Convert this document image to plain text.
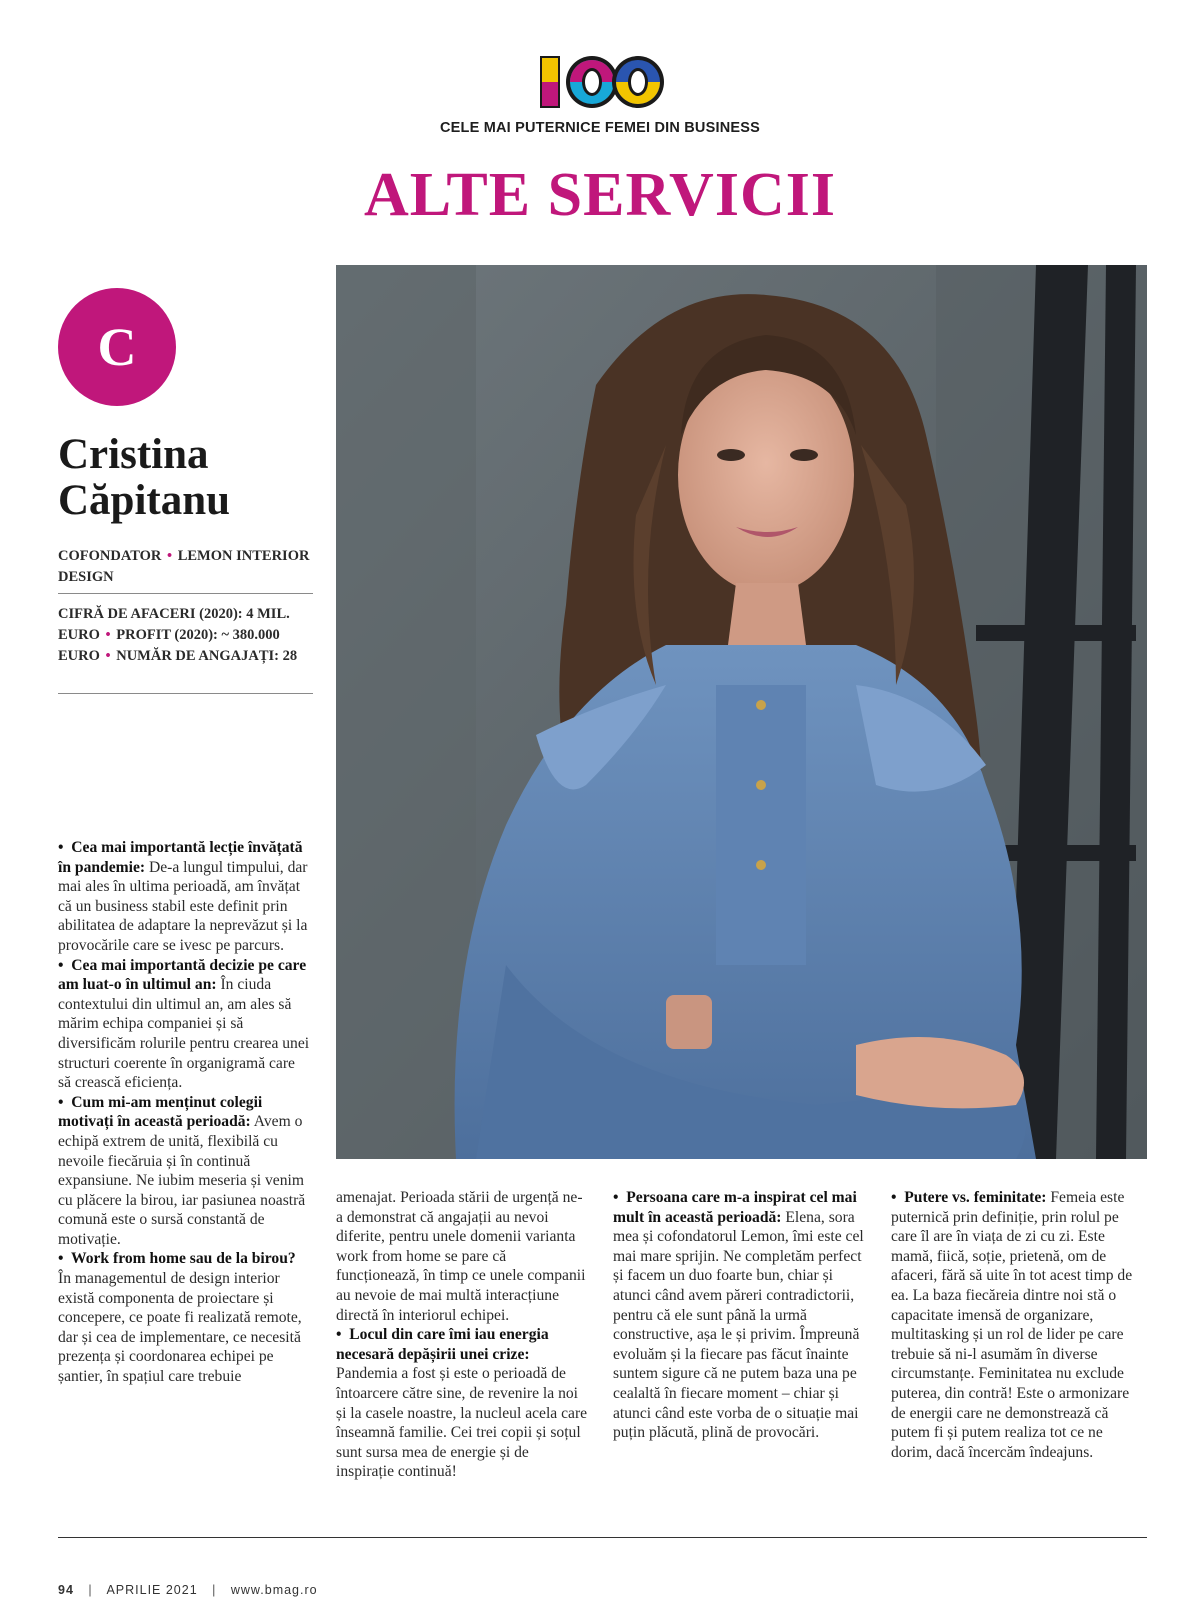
CELE MAI PUTERNICE FEMEI DIN BUSINESS
ALTE SERVICII
C
Cristina
Căpitanu
COFONDATOR • LEMON INTERIOR DESIGN
CIFRĂ DE AFACERI (2020): 4 MIL. EURO • PROFIT (2020): ~ 380.000 EURO • NUMĂR DE ANGAJAȚI: 28

• Cea mai importantă lecție învățată în pandemie: De-a lungul timpului, dar mai ales în ultima perioadă, am învățat că un business stabil este definit prin abilitatea de adaptare la neprevăzut și la provocările care se ivesc pe parcurs.

• Cea mai importantă decizie pe care am luat-o în ultimul an: În ciuda contextului din ultimul an, am ales să mărim echipa companiei și să diversificăm rolurile pentru crearea unei structuri coerente în organigramă care să crească eficiența.

• Cum mi-am menținut colegii motivați în această perioadă: Avem o echipă extrem de unită, flexibilă cu nevoile fiecăruia și în continuă expansiune. Ne iubim meseria și venim cu plăcere la birou, iar pasiunea noastră comună este o sursă constantă de motivație.

• Work from home sau de la birou? În managementul de design interior există componenta de proiectare și concepere, ce poate fi realizată remote, dar și cea de implementare, ce necesită prezența și coordonarea echipei pe șantier, în spațiul care trebuie

amenajat. Perioada stării de urgență ne-a demonstrat că angajații au nevoi diferite, pentru unele domenii varianta work from home se pare că funcționează, în timp ce unele companii au nevoie de mai multă interacțiune directă în interiorul echipei.

• Locul din care îmi iau energia necesară depășirii unei crize: Pandemia a fost și este o perioadă de întoarcere către sine, de revenire la noi și la casele noastre, la nucleul acela care înseamnă familie. Cei trei copii și soțul sunt sursa mea de energie și de inspirație continuă!

• Persoana care m-a inspirat cel mai mult în această perioadă: Elena, sora mea și cofondatorul Lemon, îmi este cel mai mare sprijin. Ne completăm perfect și facem un duo foarte bun, chiar și atunci când avem păreri contradictorii, pentru că ele sunt până la urmă constructive, așa le și privim. Împreună evoluăm și la fiecare pas făcut înainte suntem sigure că ne putem baza una pe cealaltă în fiecare moment – chiar și atunci când este vorba de o situație mai puțin plăcută, plină de provocări.

• Putere vs. feminitate: Femeia este puternică prin definiție, prin rolul pe care îl are în viața de zi cu zi. Este mamă, fiică, soție, prietenă, om de afaceri, fără să uite în tot acest timp de ea. La baza fiecăreia dintre noi stă o capacitate imensă de organizare, multitasking și un rol de lider pe care trebuie să ni-l asumăm în diverse circumstanțe. Feminitatea nu exclude puterea, din contră! Este o armonizare de energii care ne demonstrează că putem fi și putem realiza tot ce ne dorim, dacă încercăm îndeajuns.

94 | APRILIE 2021 | www.bmag.ro
